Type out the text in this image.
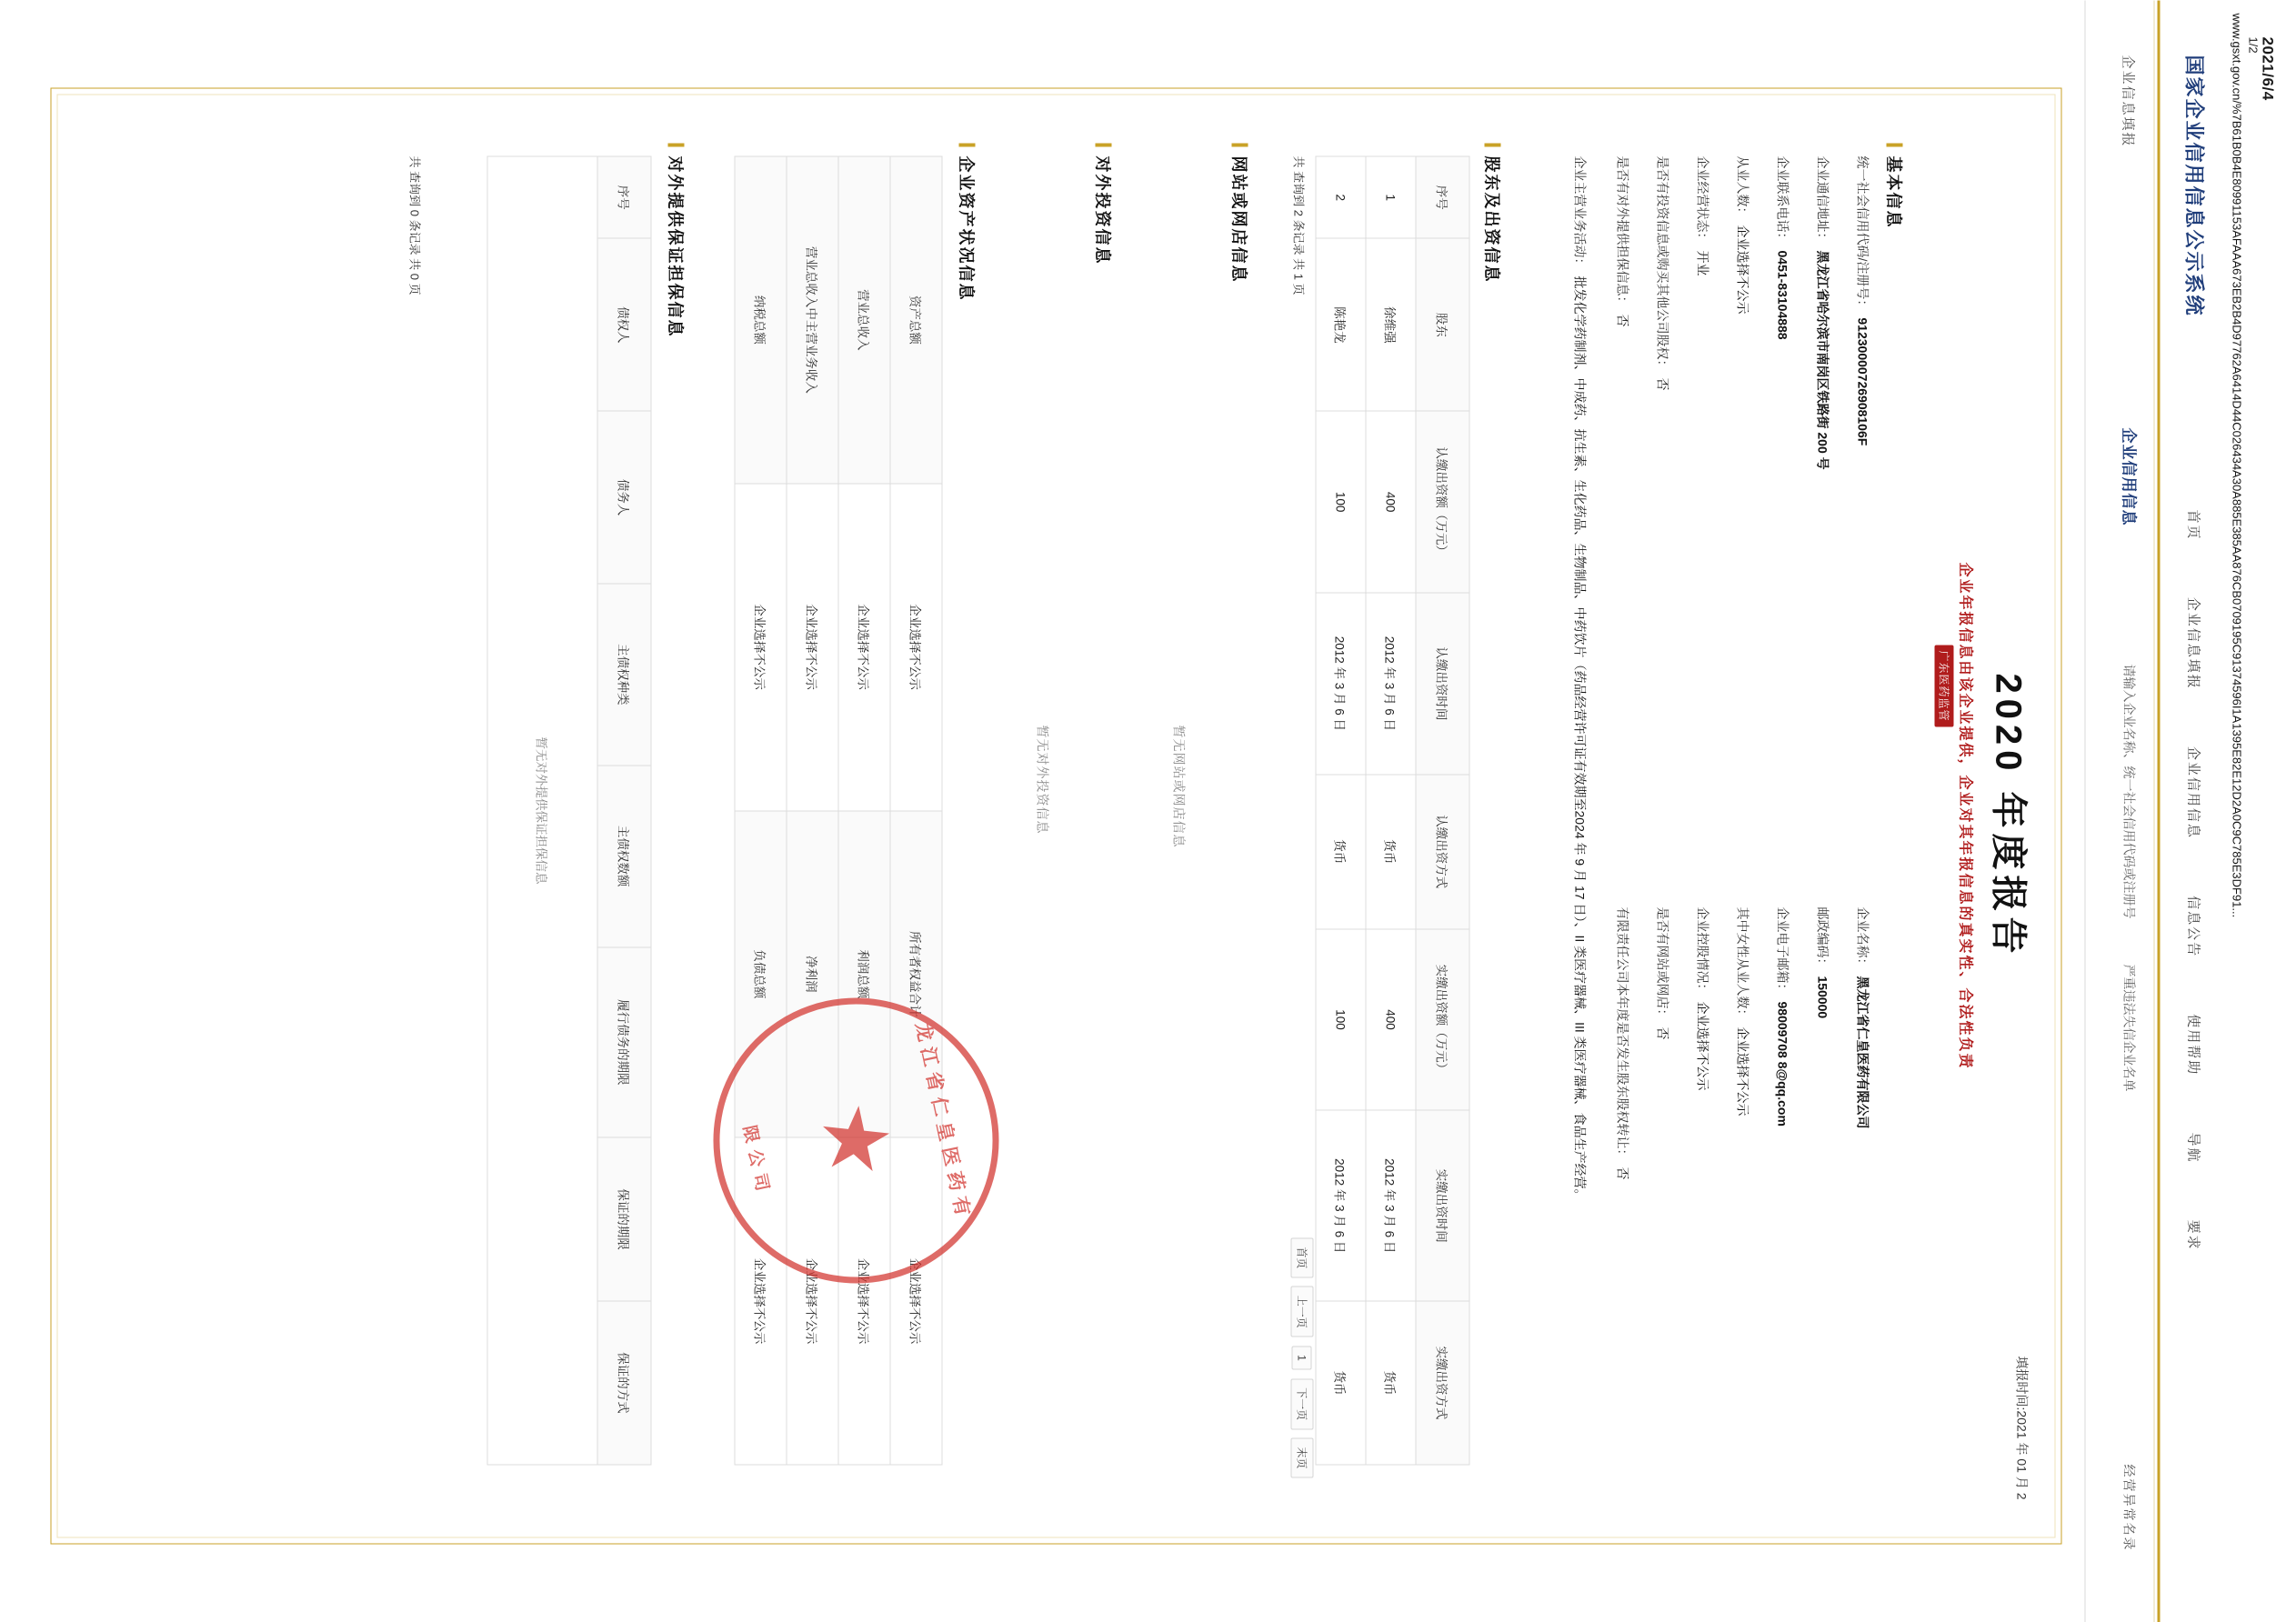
2021/6/4
1/2
www.gsxt.gov.cn/%7B61B0B4E80991153AFAAA673EB2B4D97762A6414D44C026434A30A885E385AA876CB0709195C91374596I1A1395E82E12D2A0C9C785E3DF91...
国家企业信用信息公示系统
首页 企业信息填报 企业信用信息 信息公告 使用帮助 导航 要求
企业信息填报
企业信用信息
请输入企业名称、统一社会信用代码或注册号
严重违法失信企业名单
经营异常名录
2020 年度报告
企业年报信息由该企业提供，企业对其年报信息的真实性、合法性负责
广东医药监管
填报时间:2021 年 01 月 2
基本信息
统一社会信用代码/注册号：91230000726908106F
企业名称：黑龙江省仁皇医药有限公司
企业通信地址：黑龙江省哈尔滨市南岗区铁路街 200 号
邮政编码：150000
企业联系电话：0451-83104888
企业电子邮箱：98009708 8@qq.com
从业人数：企业选择不公示
其中女性从业人数：企业选择不公示
企业经营状态：开业
企业控股情况：企业选择不公示
是否有投资信息或购买其他公司股权：否
是否有网站或网店：否
是否有对外提供担保信息：否
有限责任公司本年度是否发生股东股权转让：否
企业主营业务活动：批发化学药制剂、中成药、抗生素、生化药品、生物制品、中药饮片（药品经营许可证有效期至2024 年 9 月 17 日）、II 类医疗器械、III 类医疗器械、食品生产经营。
股东及出资信息
序号	股东	认缴出资额（万元）	认缴出资时间	认缴出资方式	实缴出资额（万元）	实缴出资时间	实缴出资方式
1	徐维强	400	2012 年 3 月 6 日	货币	400	2012 年 3 月 6 日	货币
2	陈艳龙	100	2012 年 3 月 6 日	货币	100	2012 年 3 月 6 日	货币
共 查询到 2 条记录 共 1 页
首页 上一页 1 下一页 末页
网站或网店信息
暂无网站或网店信息
对外投资信息
暂无对外投资信息
企业资产状况信息
资产总额	企业选择不公示	所有者权益合计	企业选择不公示
营业总收入	企业选择不公示	利润总额	企业选择不公示
营业总收入中主营业务收入	企业选择不公示	净利润	企业选择不公示
纳税总额	企业选择不公示	负债总额	企业选择不公示
对外提供保证担保信息
序号	债权人	债务人	主债权种类	主债权数额	履行债务的期限	保证的期限	保证的方式
暂无对外提供保证担保信息
共 查询到 0 条记录 共 0 页
龙江省仁皇医药有
★
限公司
